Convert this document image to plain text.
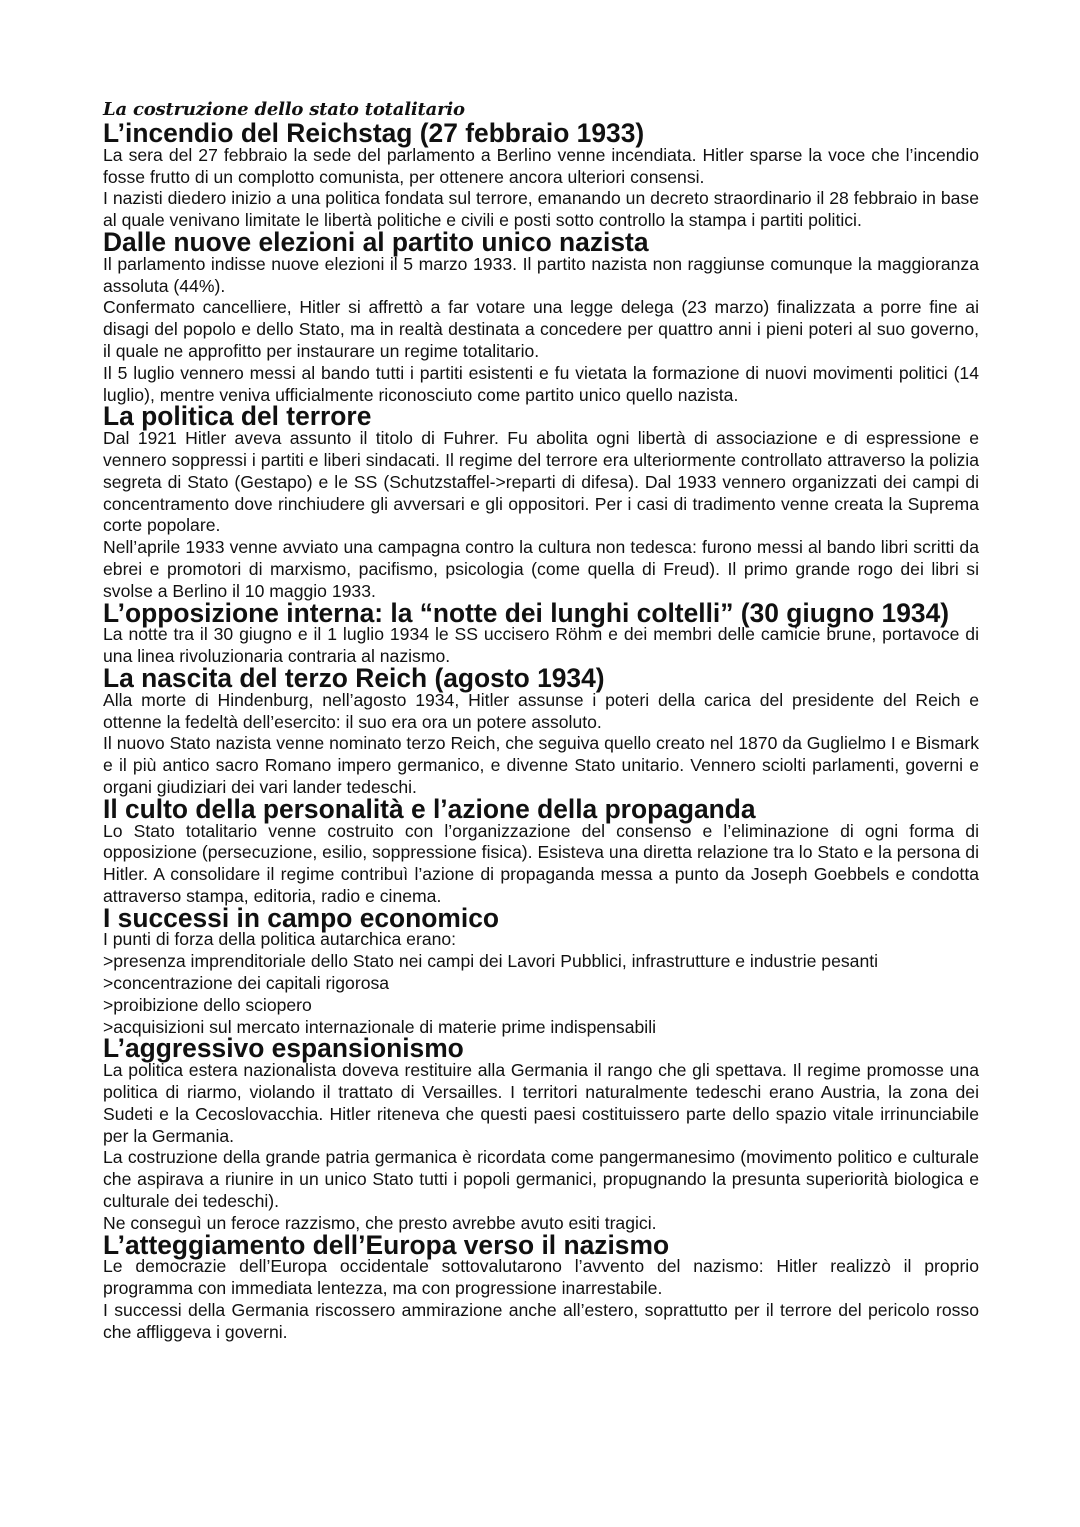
La costruzione dello stato totalitario
L’incendio del Reichstag (27 febbraio 1933)

La sera del 27 febbraio la sede del parlamento a Berlino venne incendiata. Hitler sparse la voce che l’incendio fosse frutto di un complotto comunista, per ottenere ancora ulteriori consensi.

I nazisti diedero inizio a una politica fondata sul terrore, emanando un decreto straordinario il 28 febbraio in base al quale venivano limitate le libertà politiche e civili e posti sotto controllo la stampa i partiti politici.

Dalle nuove elezioni al partito unico nazista

Il parlamento indisse nuove elezioni il 5 marzo 1933. Il partito nazista non raggiunse comunque la maggioranza assoluta (44%).

Confermato cancelliere, Hitler si affrettò a far votare una legge delega (23 marzo) finalizzata a porre fine ai disagi del popolo e dello Stato, ma in realtà destinata a concedere per quattro anni i pieni poteri al suo governo, il quale ne approfitto per instaurare un regime totalitario.

Il 5 luglio vennero messi al bando tutti i partiti esistenti e fu vietata la formazione di nuovi movimenti politici (14 luglio), mentre veniva ufficialmente riconosciuto come partito unico quello nazista.

La politica del terrore

Dal 1921 Hitler aveva assunto il titolo di Fuhrer. Fu abolita ogni libertà di associazione e di espressione e vennero soppressi i partiti e liberi sindacati. Il regime del terrore era ulteriormente controllato attraverso la polizia segreta di Stato (Gestapo) e le SS (Schutzstaffel->reparti di difesa). Dal 1933 vennero organizzati dei campi di concentramento dove rinchiudere gli avversari e gli oppositori. Per i casi di tradimento venne creata la Suprema corte popolare.

Nell’aprile 1933 venne avviato una campagna contro la cultura non tedesca: furono messi al bando libri scritti da ebrei e promotori di marxismo, pacifismo, psicologia (come quella di Freud). Il primo grande rogo dei libri si svolse a Berlino il 10 maggio 1933.

L’opposizione interna: la “notte dei lunghi coltelli” (30 giugno 1934)

La notte tra il 30 giugno e il 1 luglio 1934 le SS uccisero Röhm e dei membri delle camicie brune, portavoce di una linea rivoluzionaria contraria al nazismo.

La nascita del terzo Reich (agosto 1934)

Alla morte di Hindenburg, nell’agosto 1934, Hitler assunse i poteri della carica del presidente del Reich e ottenne la fedeltà dell’esercito: il suo era ora un potere assoluto.

Il nuovo Stato nazista venne nominato terzo Reich, che seguiva quello creato nel 1870 da Guglielmo I e Bismark e il più antico sacro Romano impero germanico, e divenne Stato unitario. Vennero sciolti parlamenti, governi e organi giudiziari dei vari lander tedeschi.

Il culto della personalità e l’azione della propaganda

Lo Stato totalitario venne costruito con l’organizzazione del consenso e l’eliminazione di ogni forma di opposizione (persecuzione, esilio, soppressione fisica). Esisteva una diretta relazione tra lo Stato e la persona di Hitler. A consolidare il regime contribuì l’azione di propaganda messa a punto da Joseph Goebbels e condotta attraverso stampa, editoria, radio e cinema.

I successi in campo economico

I punti di forza della politica autarchica erano:

>presenza imprenditoriale dello Stato nei campi dei Lavori Pubblici, infrastrutture e industrie pesanti

>concentrazione dei capitali rigorosa

>proibizione dello sciopero

>acquisizioni sul mercato internazionale di materie prime indispensabili

L’aggressivo espansionismo

La politica estera nazionalista doveva restituire alla Germania il rango che gli spettava. Il regime promosse una politica di riarmo, violando il trattato di Versailles. I territori naturalmente tedeschi erano Austria, la zona dei Sudeti e la Cecoslovacchia. Hitler riteneva che questi paesi costituissero parte dello spazio vitale irrinunciabile per la Germania.

La costruzione della grande patria germanica è ricordata come pangermanesimo (movimento politico e culturale che aspirava a riunire in un unico Stato tutti i popoli germanici, propugnando la presunta superiorità biologica e culturale dei tedeschi).

Ne conseguì un feroce razzismo, che presto avrebbe avuto esiti tragici.

L’atteggiamento dell’Europa verso il nazismo

Le democrazie dell’Europa occidentale sottovalutarono l’avvento del nazismo: Hitler realizzò il proprio programma con immediata lentezza, ma con progressione inarrestabile.

I successi della Germania riscossero ammirazione anche all’estero, soprattutto per il terrore del pericolo rosso che affliggeva i governi.
